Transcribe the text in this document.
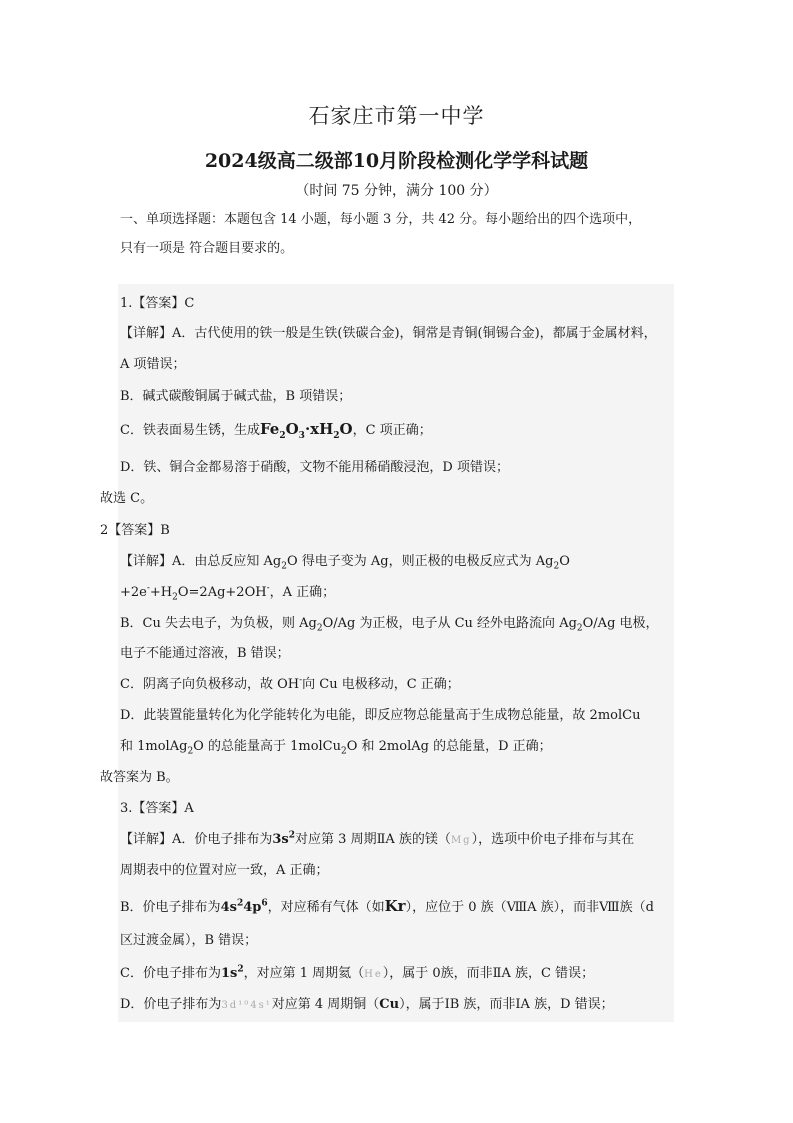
石家庄市第一中学
2024级高二级部10月阶段检测化学学科试题
（时间 75 分钟，满分 100 分）
一、单项选择题：本题包含 14 小题，每小题 3 分，共 42 分。每小题给出的四个选项中，
只有一项是 符合题目要求的。
1.【答案】C
【详解】A．古代使用的铁一般是生铁(铁碳合金)，铜常是青铜(铜锡合金)，都属于金属材料，
A 项错误；
B．碱式碳酸铜属于碱式盐，B 项错误；
C．铁表面易生锈，生成$Fe_2O_3\cdot xH_2O$，C 项正确；
D．铁、铜合金都易溶于硝酸，文物不能用稀硝酸浸泡，D 项错误；
故选 C。
2【答案】B
【详解】A．由总反应知 $Ag_2O$ 得电子变为 Ag，则正极的电极反应式为 $Ag_2O$
$+2e^-+H_2O=2Ag+2OH^-$，A 正确；
B．Cu 失去电子，为负极，则 $Ag_2O/Ag$ 为正极，电子从 Cu 经外电路流向 $Ag_2O/Ag$ 电极，
电子不能通过溶液，B 错误；
C．阴离子向负极移动，故 OH-向 Cu 电极移动，C 正确；
D．此装置能量转化为化学能转化为电能，即反应物总能量高于生成物总能量，故 2molCu
和 1molAg$_2$O 的总能量高于 1molCu$_2$O 和 2molAg 的总能量，D 正确；
故答案为 B。
3.【答案】A
【详解】A．价电子排布为$3s^2$对应第 3 周期ⅡA 族的镁（Mg），选项中价电子排布与其在
周期表中的位置对应一致，A 正确；
B．价电子排布为$4s^24p^6$，对应稀有气体（如Kr），应位于 0 族（ⅧA 族），而非Ⅷ族（d
区过渡金属），B 错误；
C．价电子排布为$1s^2$，对应第 1 周期氦（He），属于 0族，而非ⅡA 族，C 错误；
D．价电子排布为3d¹⁰4s¹对应第 4 周期铜（Cu），属于ⅠB 族，而非ⅠA 族，D 错误；
